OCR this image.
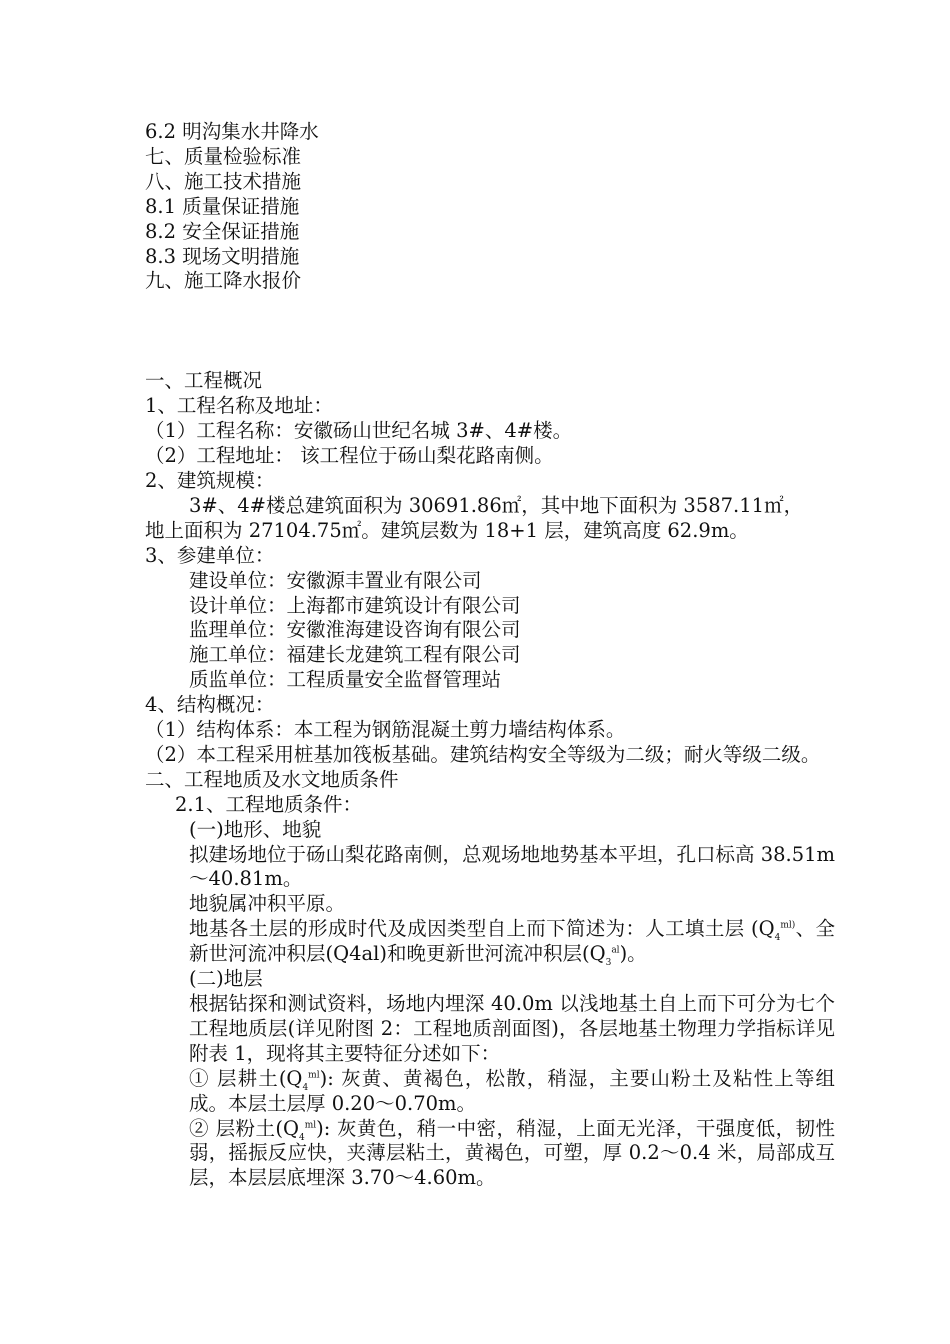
6.2 明沟集水井降水
七、质量检验标准
八、施工技术措施
8.1 质量保证措施
8.2 安全保证措施
8.3 现场文明措施
九、施工降水报价
一、工程概况
1、工程名称及地址：
（1）工程名称：安徽砀山世纪名城 3#、4#楼。
（2）工程地址： 该工程位于砀山梨花路南侧。
2、建筑规模：
3#、4#楼总建筑面积为 30691.86㎡，其中地下面积为 3587.11㎡，
地上面积为 27104.75㎡。建筑层数为 18+1 层，建筑高度 62.9m。
3、参建单位：
建设单位：安徽源丰置业有限公司
设计单位：上海都市建筑设计有限公司
监理单位：安徽淮海建设咨询有限公司
施工单位：福建长龙建筑工程有限公司
质监单位：工程质量安全监督管理站
4、结构概况：
（1）结构体系：本工程为钢筋混凝土剪力墙结构体系。
（2）本工程采用桩基加筏板基础。建筑结构安全等级为二级；耐火等级二级。
二、工程地质及水文地质条件
2.1、工程地质条件：
(一)地形、地貌
拟建场地位于砀山梨花路南侧，总观场地地势基本平坦，孔口标高 38.51m～40.81m。
地貌属冲积平原。
地基各土层的形成时代及成因类型自上而下简述为：人工填土层 ($Q_4^{ml)}$、全新世河流冲积层(Q4al)和晚更新世河流冲积层$(Q_3^{al})$。
(二)地层
根据钻探和测试资料，场地内埋深 40.0m 以浅地基土自上而下可分为七个工程地质层(详见附图 2：工程地质剖面图)，各层地基土物理力学指标详见附表 1，现将其主要特征分述如下：
① 层耕土$(Q_4^{ml})$: 灰黄、黄褐色，松散，稍湿，主要山粉土及粘性上等组成。本层土层厚 0.20～0.70m。
② 层粉土$(Q_4^{ml})$: 灰黄色，稍一中密，稍湿，上面无光泽，干强度低，韧性弱，摇振反应快，夹薄层粘土，黄褐色，可塑，厚 0.2～0.4 米，局部成互层，本层层底埋深 3.70～4.60m。
